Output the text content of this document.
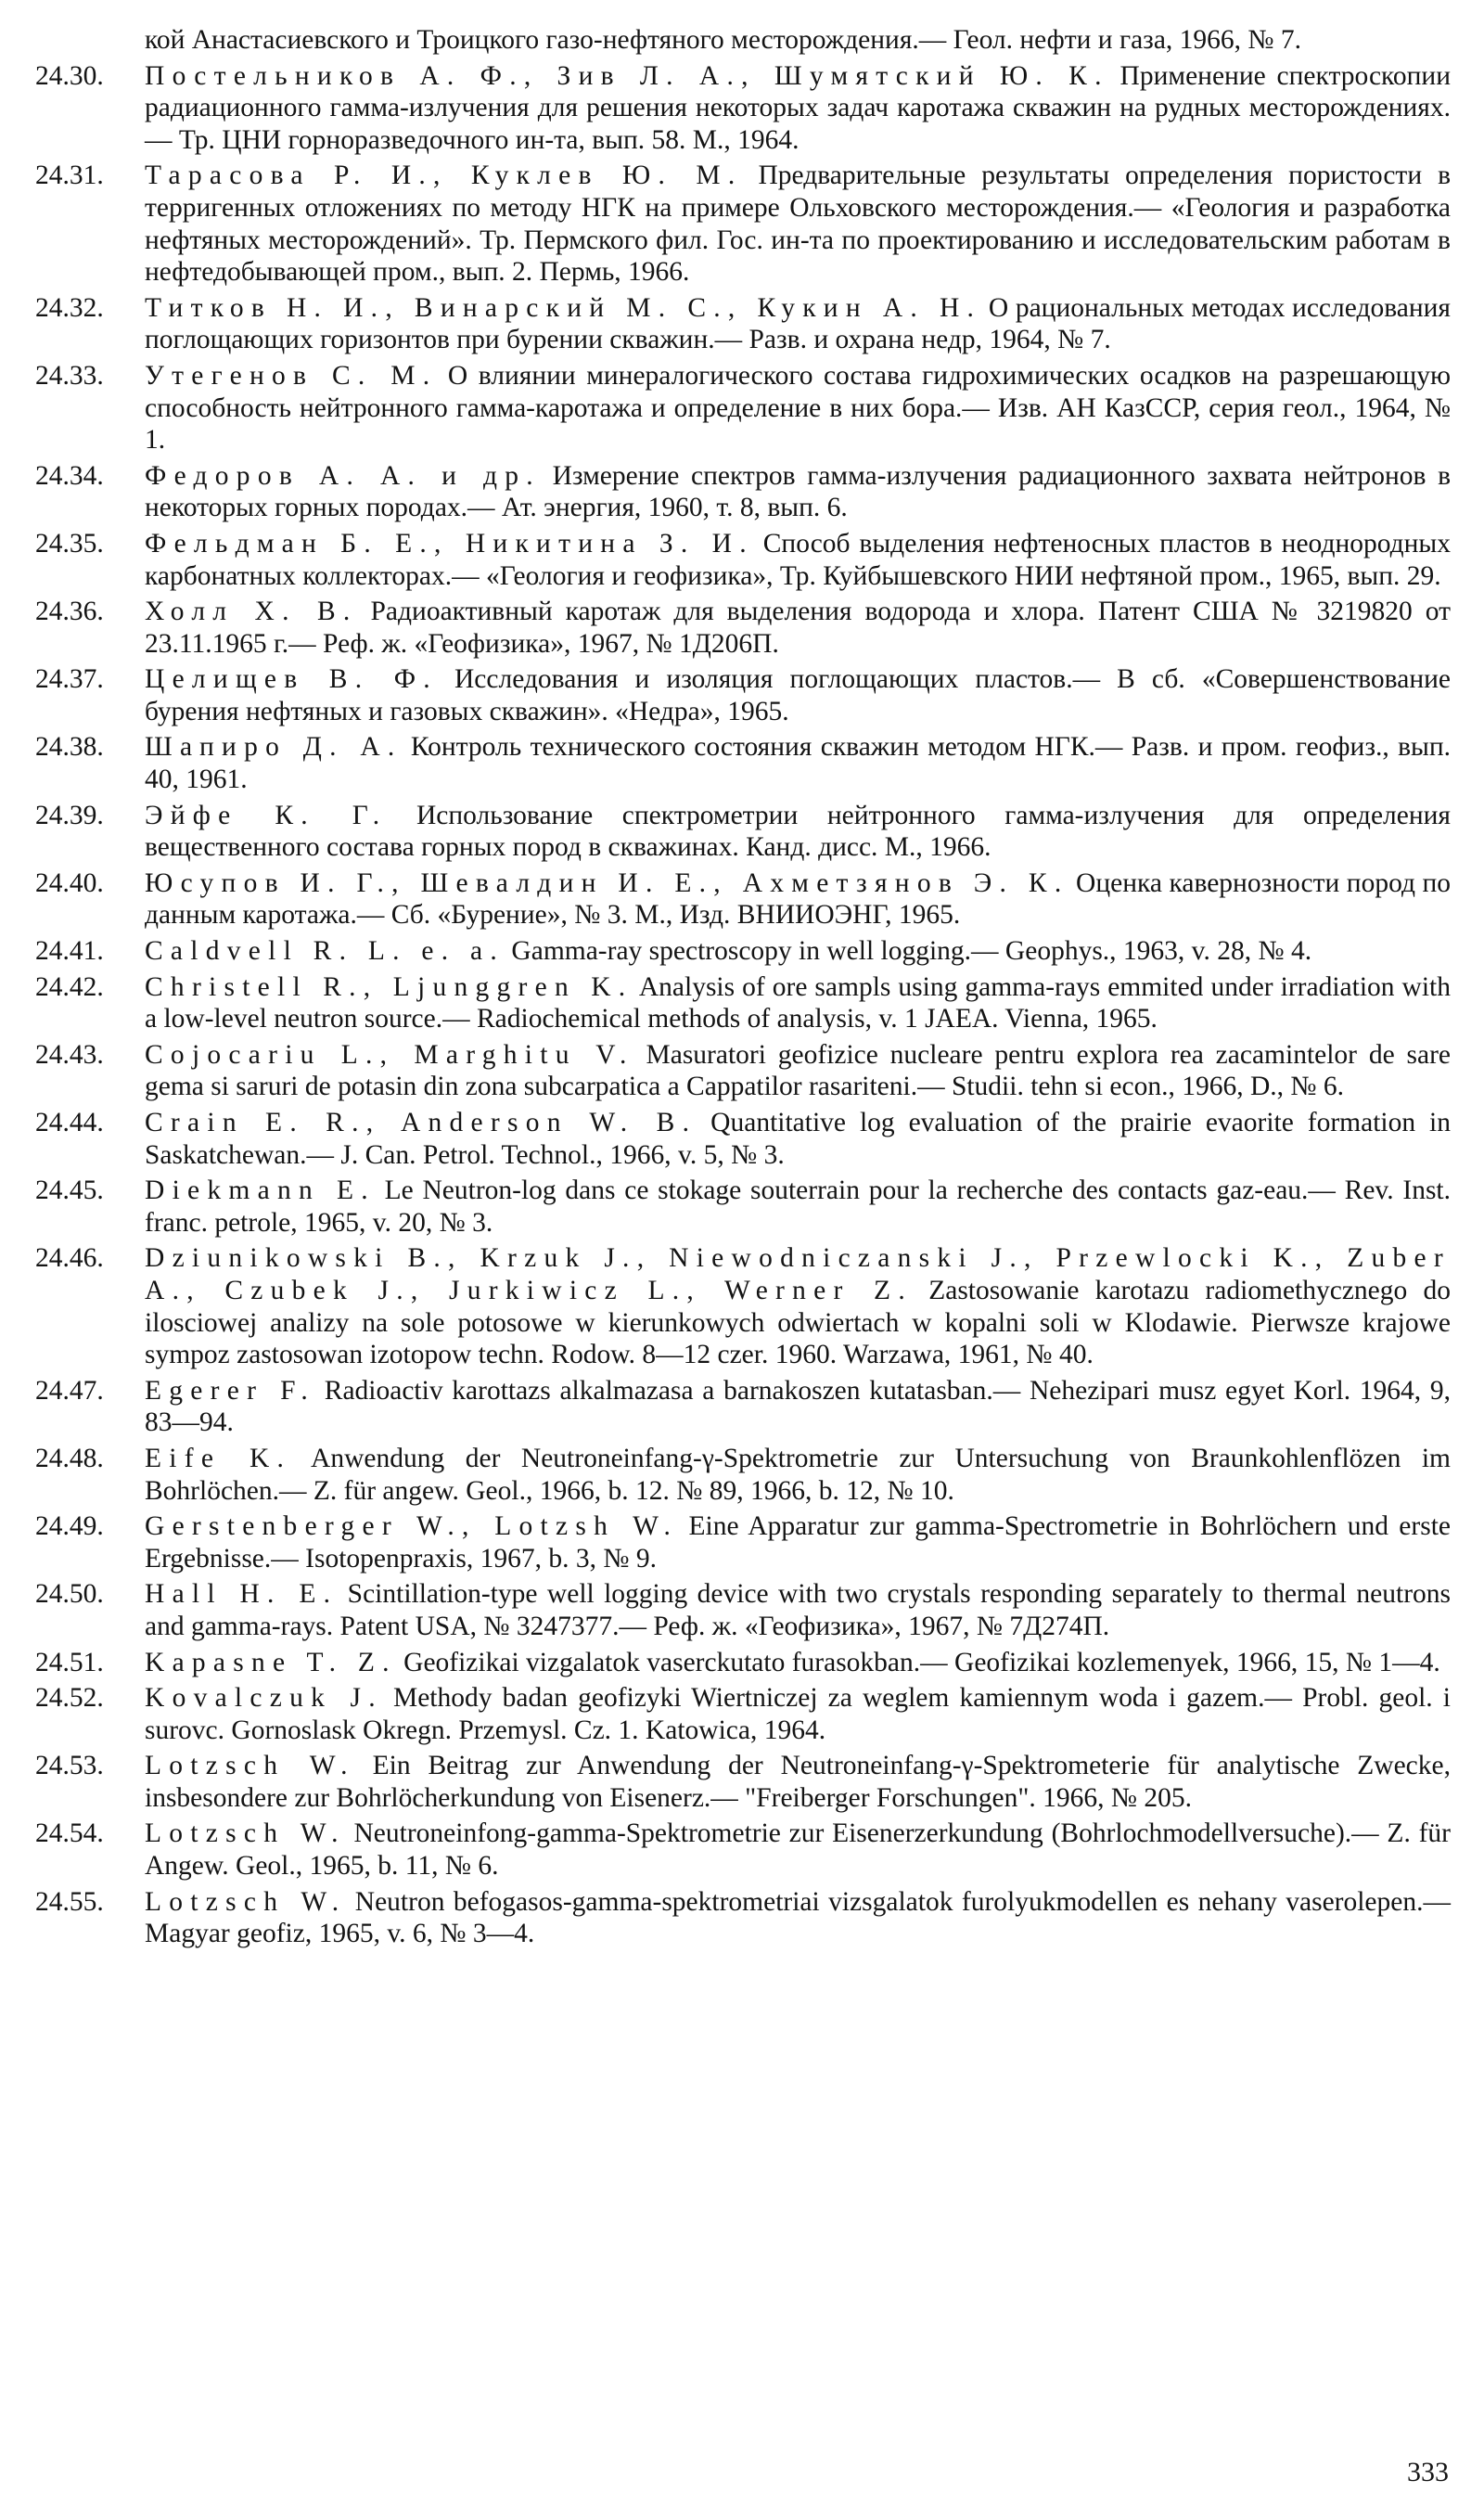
кой Анастасиевского и Троицкого газо-нефтяного месторождения.— Геол. нефти и газа, 1966, № 7.
24.30.	Постельников А. Ф., Зив Л. А., Шумятский Ю. К. Применение спектроскопии радиационного гамма-излучения для решения некоторых задач каротажа скважин на рудных месторождениях.— Тр. ЦНИ горноразведочного ин-та, вып. 58. М., 1964.
24.31.	Тарасова Р. И., Куклев Ю. М. Предварительные результаты определения пористости в терригенных отложениях по методу НГК на примере Ольховского месторождения.— «Геология и разработка нефтяных месторождений». Тр. Пермского фил. Гос. ин-та по проектированию и исследовательским работам в нефтедобывающей пром., вып. 2. Пермь, 1966.
24.32.	Титков Н. И., Винарский М. С., Кукин А. Н. О рациональных методах исследования поглощающих горизонтов при бурении скважин.— Разв. и охрана недр, 1964, № 7.
24.33.	Утегенов С. М. О влиянии минералогического состава гидрохимических осадков на разрешающую способность нейтронного гамма-каротажа и определение в них бора.— Изв. АН КазССР, серия геол., 1964, № 1.
24.34.	Федоров А. А. и др. Измерение спектров гамма-излучения радиационного захвата нейтронов в некоторых горных породах.— Ат. энергия, 1960, т. 8, вып. 6.
24.35.	Фельдман Б. Е., Никитина З. И. Способ выделения нефтеносных пластов в неоднородных карбонатных коллекторах.— «Геология и геофизика», Тр. Куйбышевского НИИ нефтяной пром., 1965, вып. 29.
24.36.	Холл Х. В. Радиоактивный каротаж для выделения водорода и хлора. Патент США № 3219820 от 23.11.1965 г.— Реф. ж. «Геофизика», 1967, № 1Д206П.
24.37.	Целищев В. Ф. Исследования и изоляция поглощающих пластов.— В сб. «Совершенствование бурения нефтяных и газовых скважин». «Недра», 1965.
24.38.	Шапиро Д. А. Контроль технического состояния скважин методом НГК.— Разв. и пром. геофиз., вып. 40, 1961.
24.39.	Эйфе К. Г. Использование спектрометрии нейтронного гамма-излучения для определения вещественного состава горных пород в скважинах. Канд. дисс. М., 1966.
24.40.	Юсупов И. Г., Шевалдин И. Е., Ахметзянов Э. К. Оценка кавернозности пород по данным каротажа.— Сб. «Бурение», № 3. М., Изд. ВНИИОЭНГ, 1965.
24.41.	Caldvell R. L. e. a. Gamma-ray spectroscopy in well logging.— Geophys., 1963, v. 28, № 4.
24.42.	Christell R., Ljunggren K. Analysis of ore sampls using gamma-rays emmited under irradiation with a low-level neutron source.— Radiochemical methods of analysis, v. 1 JAEA. Vienna, 1965.
24.43.	Cojocariu L., Marghitu V. Masuratori geofizice nucleare pentru explora rea zacamintelor de sare gema si saruri de potasin din zona subcarpatica a Cappatilor rasariteni.— Studii. tehn si econ., 1966, D., № 6.
24.44.	Crain E. R., Anderson W. B. Quantitative log evaluation of the prairie evaorite formation in Saskatchewan.— J. Can. Petrol. Technol., 1966, v. 5, № 3.
24.45.	Diekmann E. Le Neutron-log dans ce stokage souterrain pour la recherche des contacts gaz-eau.— Rev. Inst. franc. petrole, 1965, v. 20, № 3.
24.46.	Dziunikowski B., Krzuk J., Niewodniczanski J., Przewlocki K., Zuber A., Czubek J., Jurkiwicz L., Werner Z. Zastosowanie karotazu radiomethycznego do ilosciowej analizy na sole potosowe w kierunkowych odwiertach w kopalni soli w Klodawie. Pierwsze krajowe sympoz zastosowan izotopow techn. Rodow. 8—12 czer. 1960. Warzawa, 1961, № 40.
24.47.	Egerer F. Radioactiv karottazs alkalmazasa a barnakoszen kutatasban.— Nehezipari musz egyet Korl. 1964, 9, 83—94.
24.48.	Eife K. Anwendung der Neutroneinfang-γ-Spektrometrie zur Untersuchung von Braunkohlenflözen im Bohrlöchen.— Z. für angew. Geol., 1966, b. 12. № 89, 1966, b. 12, № 10.
24.49.	Gerstenberger W., Lotzsh W. Eine Apparatur zur gamma-Spectrometrie in Bohrlöchern und erste Ergebnisse.— Isotopenpraxis, 1967, b. 3, № 9.
24.50.	Hall H. E. Scintillation-type well logging device with two crystals responding separately to thermal neutrons and gamma-rays. Patent USA, № 3247377.— Реф. ж. «Геофизика», 1967, № 7Д274П.
24.51.	Kapasne T. Z. Geofizikai vizgalatok vaserckutato furasokban.— Geofizikai kozlemenyek, 1966, 15, № 1—4.
24.52.	Kovalczuk J. Methody badan geofizyki Wiertniczej za weglem kamiennym woda i gazem.— Probl. geol. i surovc. Gornoslask Okregn. Przemysl. Cz. 1. Katowica, 1964.
24.53.	Lotzsch W. Ein Beitrag zur Anwendung der Neutroneinfang-γ-Spektrometerie für analytische Zwecke, insbesondere zur Bohrlöcherkundung von Eisenerz.— "Freiberger Forschungen". 1966, № 205.
24.54.	Lotzsch W. Neutroneinfong-gamma-Spektrometrie zur Eisenerzerkundung (Bohrlochmodellversuche).— Z. für Angew. Geol., 1965, b. 11, № 6.
24.55.	Lotzsch W. Neutron befogasos-gamma-spektrometriai vizsgalatok furolyukmodellen es nehany vaserolepen.— Magyar geofiz, 1965, v. 6, № 3—4.
333
